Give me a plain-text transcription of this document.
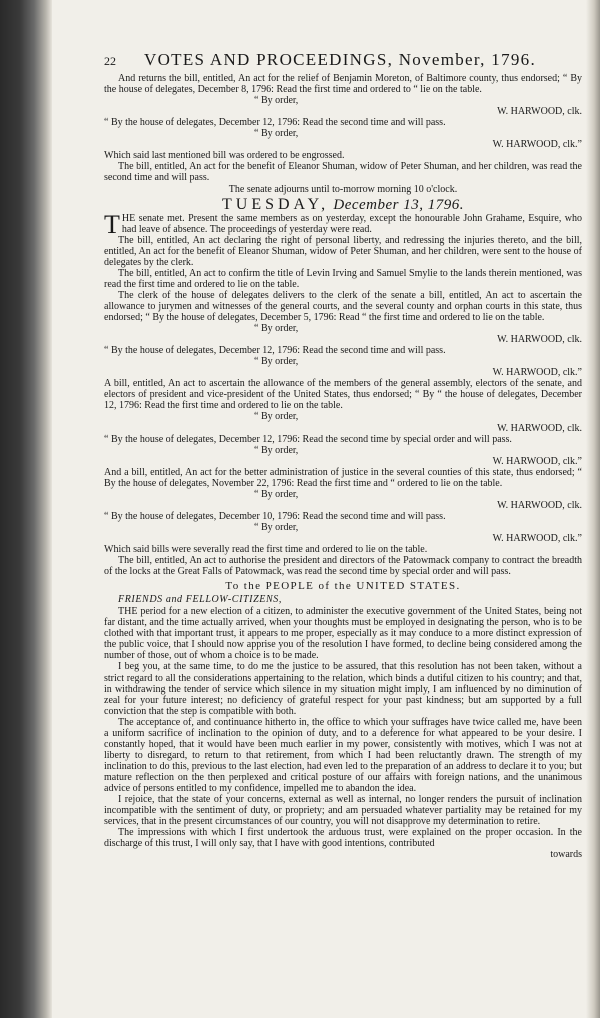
22 VOTES AND PROCEEDINGS, November, 1796.

And returns the bill, entitled, An act for the relief of Benjamin Moreton, of Baltimore county, thus endorsed; “ By the house of delegates, December 8, 1796: Read the first time and ordered to “ lie on the table.

“ By order,
W. HARWOOD, clk.

“ By the house of delegates, December 12, 1796: Read the second time and will pass.

“ By order,
W. HARWOOD, clk.”

Which said last mentioned bill was ordered to be engrossed.

The bill, entitled, An act for the benefit of Eleanor Shuman, widow of Peter Shuman, and her children, was read the second time and will pass.

The senate adjourns until to-morrow morning 10 o'clock.

TUESDAY, December 13, 1796.

THE senate met. Present the same members as on yesterday, except the honourable John Grahame, Esquire, who had leave of absence. The proceedings of yesterday were read.

The bill, entitled, An act declaring the right of personal liberty, and redressing the injuries thereto, and the bill, entitled, An act for the benefit of Eleanor Shuman, widow of Peter Shuman, and her children, were sent to the house of delegates by the clerk.

The bill, entitled, An act to confirm the title of Levin Irving and Samuel Smylie to the lands therein mentioned, was read the first time and ordered to lie on the table.

The clerk of the house of delegates delivers to the clerk of the senate a bill, entitled, An act to ascertain the allowance to jurymen and witnesses of the general courts, and the several county and orphan courts in this state, thus endorsed; “ By the house of delegates, December 5, 1796: Read “ the first time and ordered to lie on the table.

“ By order,
W. HARWOOD, clk.

“ By the house of delegates, December 12, 1796: Read the second time and will pass.

“ By order,
W. HARWOOD, clk.”

A bill, entitled, An act to ascertain the allowance of the members of the general assembly, electors of the senate, and electors of president and vice-president of the United States, thus endorsed; “ By “ the house of delegates, December 12, 1796: Read the first time and ordered to lie on the table.

“ By order,
W. HARWOOD, clk.

“ By the house of delegates, December 12, 1796: Read the second time by special order and will pass.

“ By order,
W. HARWOOD, clk.”

And a bill, entitled, An act for the better administration of justice in the several counties of this state, thus endorsed; “ By the house of delegates, November 22, 1796: Read the first time and “ ordered to lie on the table.

“ By order,
W. HARWOOD, clk.

“ By the house of delegates, December 10, 1796: Read the second time and will pass.

“ By order,
W. HARWOOD, clk.”

Which said bills were severally read the first time and ordered to lie on the table.

The bill, entitled, An act to authorise the president and directors of the Patowmack company to contract the breadth of the locks at the Great Falls of Patowmack, was read the second time by special order and will pass.

To the PEOPLE of the UNITED STATES.
FRIENDS and FELLOW-CITIZENS,

THE period for a new election of a citizen, to administer the executive government of the United States, being not far distant, and the time actually arrived, when your thoughts must be employed in designating the person, who is to be clothed with that important trust, it appears to me proper, especially as it may conduce to a more distinct expression of the public voice, that I should now apprise you of the resolution I have formed, to decline being considered among the number of those, out of whom a choice is to be made.

I beg you, at the same time, to do me the justice to be assured, that this resolution has not been taken, without a strict regard to all the considerations appertaining to the relation, which binds a dutiful citizen to his country; and that, in withdrawing the tender of service which silence in my situation might imply, I am influenced by no diminution of zeal for your future interest; no deficiency of grateful respect for your past kindness; but am supported by a full conviction that the step is compatible with both.

The acceptance of, and continuance hitherto in, the office to which your suffrages have twice called me, have been a uniform sacrifice of inclination to the opinion of duty, and to a deference for what appeared to be your desire. I constantly hoped, that it would have been much earlier in my power, consistently with motives, which I was not at liberty to disregard, to return to that retirement, from which I had been reluctantly drawn. The strength of my inclination to do this, previous to the last election, had even led to the preparation of an address to declare it to you; but mature reflection on the then perplexed and critical posture of our affairs with foreign nations, and the unanimous advice of persons entitled to my confidence, impelled me to abandon the idea.

I rejoice, that the state of your concerns, external as well as internal, no longer renders the pursuit of inclination incompatible with the sentiment of duty, or propriety; and am persuaded whatever partiality may be retained for my services, that in the present circumstances of our country, you will not disapprove my determination to retire.

The impressions with which I first undertook the arduous trust, were explained on the proper occasion. In the discharge of this trust, I will only say, that I have with good intentions, contributed

towards
